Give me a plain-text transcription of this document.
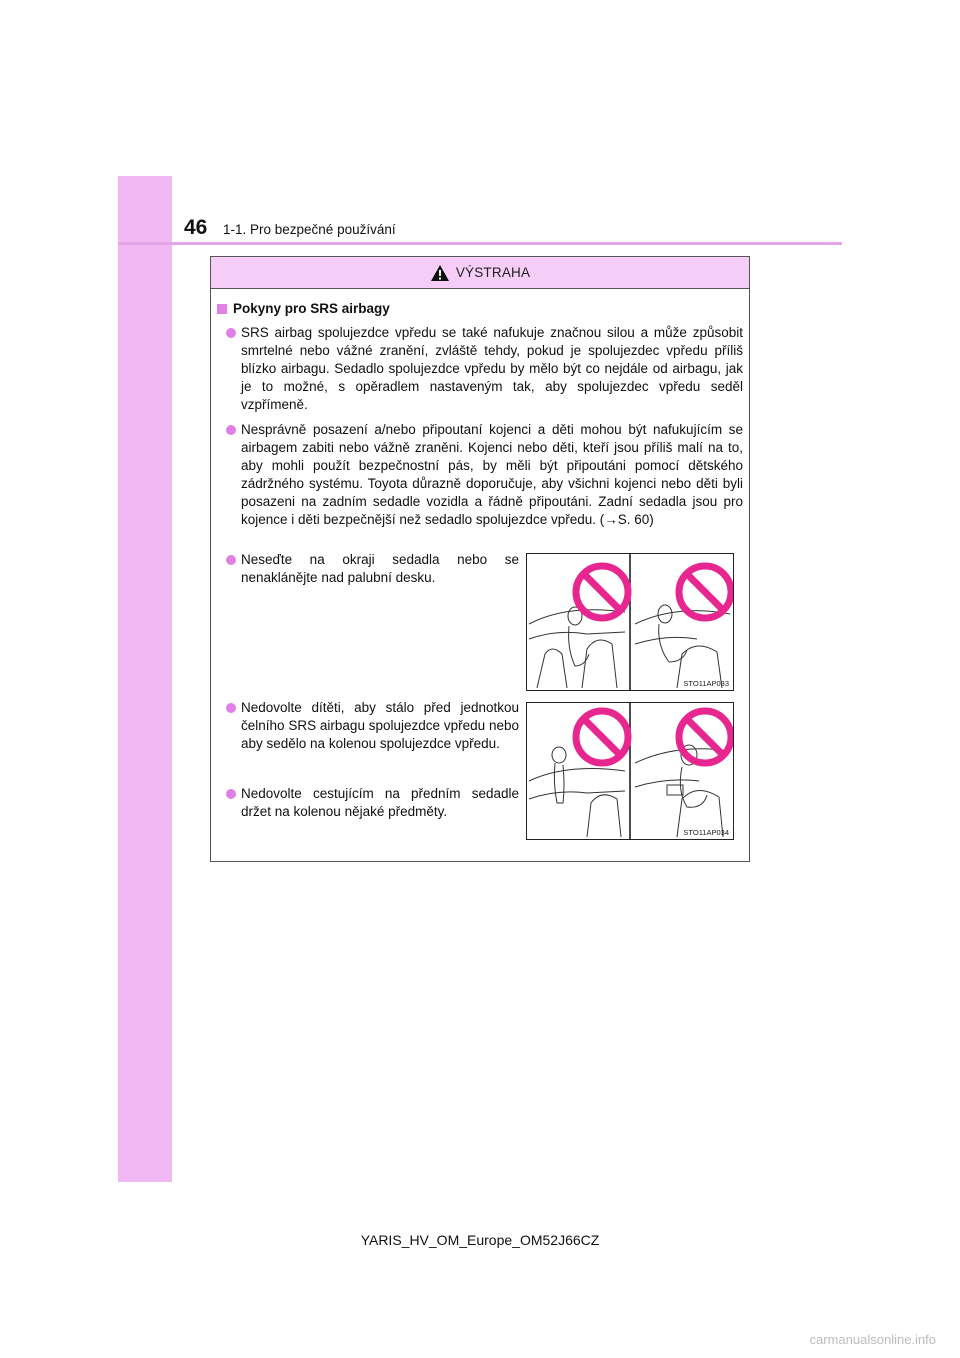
46 1-1. Pro bezpečné používání
VÝSTRAHA
Pokyny pro SRS airbagy
SRS airbag spolujezdce vpředu se také nafukuje značnou silou a může způsobit smrtelné nebo vážné zranění, zvláště tehdy, pokud je spolujezdec vpředu příliš blízko airbagu. Sedadlo spolujezdce vpředu by mělo být co nejdále od airbagu, jak je to možné, s opěradlem nastaveným tak, aby spolujezdec vpředu seděl vzpřímeně.
Nesprávně posazení a/nebo připoutaní kojenci a děti mohou být nafukujícím se airbagem zabiti nebo vážně zraněni. Kojenci nebo děti, kteří jsou příliš malí na to, aby mohli použít bezpečnostní pás, by měli být připoutáni pomocí dětského zádržného systému. Toyota důrazně doporučuje, aby všichni kojenci nebo děti byli posazeni na zadním sedadle vozidla a řádně připoutáni. Zadní sedadla jsou pro kojence i děti bezpečnější než sedadlo spolujezdce vpředu. (→S. 60)
Neseďte na okraji sedadla nebo se nenaklánějte nad palubní desku.
Nedovolte dítěti, aby stálo před jednotkou čelního SRS airbagu spolujezdce vpředu nebo aby sedělo na kolenou spolujezdce vpředu.
Nedovolte cestujícím na předním sedadle držet na kolenou nějaké předměty.
STO11AP033
STO11AP034
YARIS_HV_OM_Europe_OM52J66CZ
carmanualsonline.info
